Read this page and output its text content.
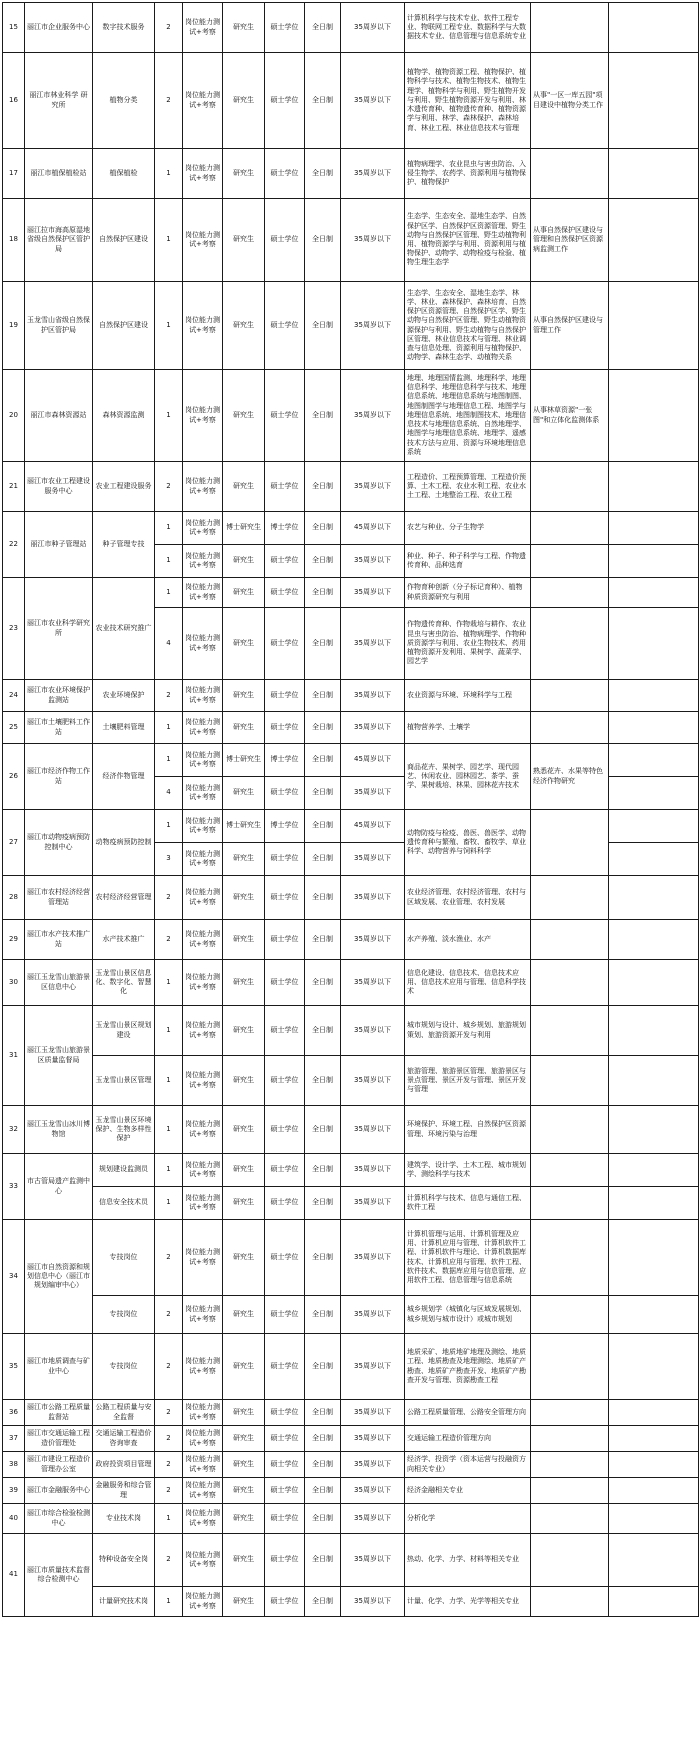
15	丽江市企业服务中心	数字技术服务	2	岗位能力测试+考察	研究生	硕士学位	全日制	35周岁以下	计算机科学与技术专业、软件工程专业、物联网工程专业、数据科学与大数据技术专业、信息管理与信息系统专业		
16	丽江市林业科学 研究所	植物分类	2	岗位能力测试+考察	研究生	硕士学位	全日制	35周岁以下	植物学、植物资源工程、植物保护、植物科学与技术、植物生物技术、植物生理学、植物科学与利用、野生植物开发与利用、野生植物资源开发与利用、林木遗传育种、植物遗传育种、植物资源学与利用、林学、森林保护、森林培育、林业工程、林业信息技术与管理	从事"一区一库五园"项目建设中植物分类工作	
17	丽江市植保植检站	植保植检	1	岗位能力测试+考察	研究生	硕士学位	全日制	35周岁以下	植物病理学、农业昆虫与害虫防治、入侵生物学、农药学、资源利用与植物保护、植物保护		
18	丽江拉市海高原湿地省级自然保护区管护局	自然保护区建设	1	岗位能力测试+考察	研究生	硕士学位	全日制	35周岁以下	生态学、生态安全、湿地生态学、自然保护区学、自然保护区资源管理、野生动物与自然保护区管理、野生动植物利用、植物资源学与利用、资源利用与植物保护、动物学、动物检疫与检验、植物生理生态学	从事自然保护区建设与管理和自然保护区资源病监测工作	
19	玉龙雪山省级自然保护区管护局	自然保护区建设	1	岗位能力测试+考察	研究生	硕士学位	全日制	35周岁以下	生态学、生态安全、湿地生态学、林学、林业、森林保护、森林培育、自然保护区资源管理、自然保护区学、野生动物与自然保护区管理、野生动植物资源保护与利用、野生动植物与自然保护区管理、林业信息技术与管理、林业调查与信息处理、资源利用与植物保护、动物学、森林生态学、动植物关系	从事自然保护区建设与管理工作	
20	丽江市森林资源站	森林资源监测	1	岗位能力测试+考察	研究生	硕士学位	全日制	35周岁以下	地理、地理国情监测、地理科学、地理信息科学、地理信息科学与技术、地理信息系统、地理信息系统与地图制图、地图制图学与地理信息工程、地图学与地理信息系统、地图制图技术、地理信息技术与地理信息系统、自然地理学、地图学与地理信息系统、地理学、遥感技术方法与应用、资源与环境地理信息系统	从事林草资源"一张图"和立体化监测体系	
21	丽江市农业工程建设服务中心	农业工程建设服务	2	岗位能力测试+考察	研究生	硕士学位	全日制	35周岁以下	工程造价、工程预算管理、工程造价预算、土木工程、农业水利工程、农业水土工程、土地整治工程、农业工程		
22	丽江市种子管理站	种子管理专技	1	岗位能力测试+考察	博士研究生	博士学位	全日制	45周岁以下	农艺与种业、分子生物学		
			1	岗位能力测试+考察	研究生	硕士学位	全日制	35周岁以下	种业、种子、种子科学与工程、作物遗传育种、品种选育		
23	丽江市农业科学研究所	农业技术研究推广	1	岗位能力测试+考察	研究生	硕士学位	全日制	35周岁以下	作物育种创新（分子标记育种）、植物种质资源研究与利用		
			4	岗位能力测试+考察	研究生	硕士学位	全日制	35周岁以下	作物遗传育种、作物栽培与耕作、农业昆虫与害虫防治、植物病理学、作物种质资源学与利用、农业生物技术、药用植物资源开发利用、果树学、蔬菜学、园艺学		
24	丽江市农业环境保护监测站	农业环境保护	2	岗位能力测试+考察	研究生	硕士学位	全日制	35周岁以下	农业资源与环境、环境科学与工程		
25	丽江市土壤肥料工作站	土壤肥料管理	1	岗位能力测试+考察	研究生	硕士学位	全日制	35周岁以下	植物营养学、土壤学		
26	丽江市经济作物工作站	经济作物管理	1	岗位能力测试+考察	博士研究生	博士学位	全日制	45周岁以下	商品花卉、果树学、园艺学、现代园艺、休闲农业、园林园艺、茶学、蚕学、果树栽培、林果、园林花卉技术	熟悉花卉、水果等特色经济作物研究	
			4	岗位能力测试+考察	研究生	硕士学位	全日制	35周岁以下			
27	丽江市动物疫病预防控制中心	动物疫病预防控制	1	岗位能力测试+考察	博士研究生	博士学位	全日制	45周岁以下	动物防疫与检疫、兽医、兽医学、动物遗传育种与繁殖、畜牧、畜牧学、草业科学、动物营养与饲料科学		
			3	岗位能力测试+考察	研究生	硕士学位	全日制	35周岁以下			
28	丽江市农村经济经营管理站	农村经济经营管理	2	岗位能力测试+考察	研究生	硕士学位	全日制	35周岁以下	农业经济管理、农村经济管理、农村与区域发展、农业管理、农村发展		
29	丽江市水产技术推广站	水产技术推广	2	岗位能力测试+考察	研究生	硕士学位	全日制	35周岁以下	水产养殖、淡水渔业、水产		
30	丽江玉龙雪山旅游景区信息中心	玉龙雪山景区信息化、数字化、智慧化	1	岗位能力测试+考察	研究生	硕士学位	全日制	35周岁以下	信息化建设、信息技术、信息技术应用、信息技术应用与管理、信息科学技术		
31	丽江玉龙雪山旅游景区质量监督局	玉龙雪山景区规划建设	1	岗位能力测试+考察	研究生	硕士学位	全日制	35周岁以下	城市规划与设计、城乡规划、旅游规划策划、旅游资源开发与利用		
		玉龙雪山景区管理	1	岗位能力测试+考察	研究生	硕士学位	全日制	35周岁以下	旅游管理、旅游景区管理、旅游景区与景点管理、景区开发与管理、景区开发与管理		
32	丽江玉龙雪山冰川博物馆	玉龙雪山景区环境保护、生物多样性保护	1	岗位能力测试+考察	研究生	硕士学位	全日制	35周岁以下	环境保护、环境工程、自然保护区资源管理、环境污染与治理		
33	市古管局遗产监测中心	规划建设监测员	1	岗位能力测试+考察	研究生	硕士学位	全日制	35周岁以下	建筑学、设计学、土木工程、城市规划学、测绘科学与技术		
		信息安全技术员	1	岗位能力测试+考察	研究生	硕士学位	全日制	35周岁以下	计算机科学与技术、信息与通信工程、软件工程		
34	丽江市自然资源和规划信息中心（丽江市规划编审中心）	专技岗位	2	岗位能力测试+考察	研究生	硕士学位	全日制	35周岁以下	计算机管理与运用、计算机管理及应用、计算机应用与管理、计算机软件工程、计算机软件与理论、计算机数据库技术、计算机应用与管理、软件工程、软件技术、数据库应用与信息管理、应用软件工程、信息管理与信息系统		
		专技岗位	2	岗位能力测试+考察	研究生	硕士学位	全日制	35周岁以下	城乡规划学（城镇化与区域发展规划、城乡规划与城市设计）或城市规划		
35	丽江市地质调查与矿业中心	专技岗位	2	岗位能力测试+考察	研究生	硕士学位	全日制	35周岁以下	地质采矿、地质地矿地理及测绘、地质工程、地质勘查及地理测绘、地质矿产勘查、地质矿产勘查开发、地质矿产勘查开发与管理、资源勘查工程		
36	丽江市公路工程质量监督站	公路工程质量与安全监督	2	岗位能力测试+考察	研究生	硕士学位	全日制	35周岁以下	公路工程质量管理、公路安全管理方向		
37	丽江市交通运输工程造价管理处	交通运输工程造价咨询审查	2	岗位能力测试+考察	研究生	硕士学位	全日制	35周岁以下	交通运输工程造价管理方向		
38	丽江市建设工程造价管理办公室	政府投资项目管理	2	岗位能力测试+考察	研究生	硕士学位	全日制	35周岁以下	经济学、投资学（资本运营与投融资方向相关专业）		
39	丽江市金融服务中心	金融服务和综合管理	2	岗位能力测试+考察	研究生	硕士学位	全日制	35周岁以下	经济金融相关专业		
40	丽江市综合检验检测中心	专业技术岗	1	岗位能力测试+考察	研究生	硕士学位	全日制	35周岁以下	分析化学		
41	丽江市质量技术监督综合检测中心	特种设备安全岗	2	岗位能力测试+考察	研究生	硕士学位	全日制	35周岁以下	热动、化学、力学、材料等相关专业		
		计量研究技术岗	1	岗位能力测试+考察	研究生	硕士学位	全日制	35周岁以下	计量、化学、力学、光学等相关专业		
